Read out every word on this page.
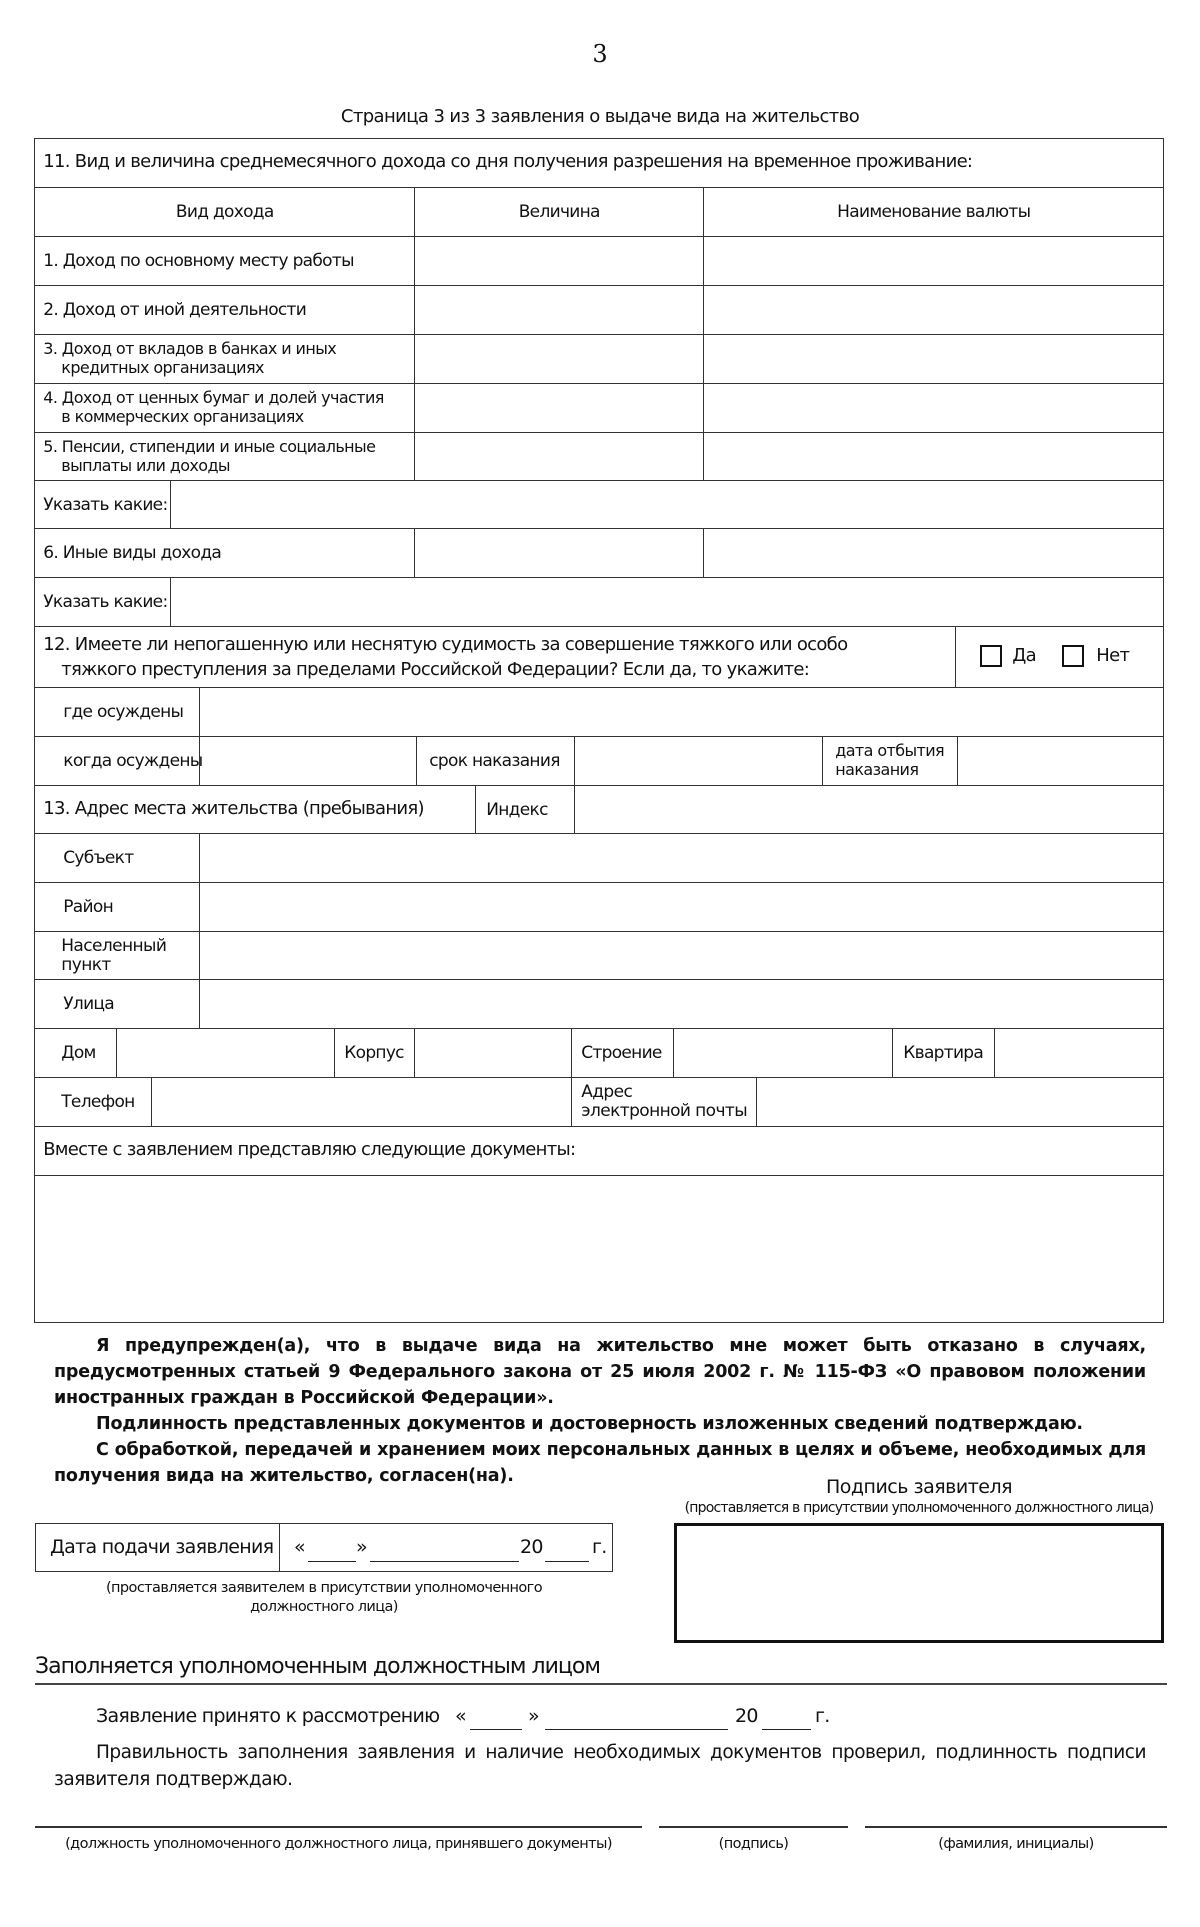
3
Страница 3 из 3 заявления о выдаче вида на жительство
11. Вид и величина среднемесячного дохода со дня получения разрешения на временное проживание:
Вид дохода	Величина	Наименование валюты
1. Доход по основному месту работы
2. Доход от иной деятельности
3. Доход от вкладов в банках и иных
кредитных организациях
4. Доход от ценных бумаг и долей участия
в коммерческих организациях
5. Пенсии, стипендии и иные социальные
выплаты или доходы
Указать какие:
6. Иные виды дохода
Указать какие:
12. Имеете ли непогашенную или неснятую судимость за совершение тяжкого или особо
тяжкого преступления за пределами Российской Федерации? Если да, то укажите:
Да	Нет
где осуждены
когда осуждены	срок наказания
дата отбытия
наказания
13. Адрес места жительства (пребывания)	Индекс
Субъект
Район
Населенный
пункт
Улица
Дом	Корпус	Строение	Квартира
Телефон	Адрес
электронной почты
Вместе с заявлением представляю следующие документы:

Я предупрежден(а), что в выдаче вида на жительство мне может быть отказано в случаях, предусмотренных статьей 9 Федерального закона от 25 июля 2002 г. № 115-ФЗ «О правовом положении иностранных граждан в Российской Федерации».

Подлинность представленных документов и достоверность изложенных сведений подтверждаю.

С обработкой, передачей и хранением моих персональных данных в целях и объеме, необходимых для получения вида на жительство, согласен(на).	Подпись заявителя
(проставляется в присутствии уполномоченного должностного лица)
Дата подачи заявления «	»	20	г.
(проставляется заявителем в присутствии уполномоченного
должностного лица)
Заполняется уполномоченным должностным лицом
Заявление принято к рассмотрению «	»	20	г.
Правильность заполнения заявления и наличие необходимых документов проверил, подлинность подписи заявителя подтверждаю.
(должность уполномоченного должностного лица, принявшего документы)	(подпись)	(фамилия, инициалы)
